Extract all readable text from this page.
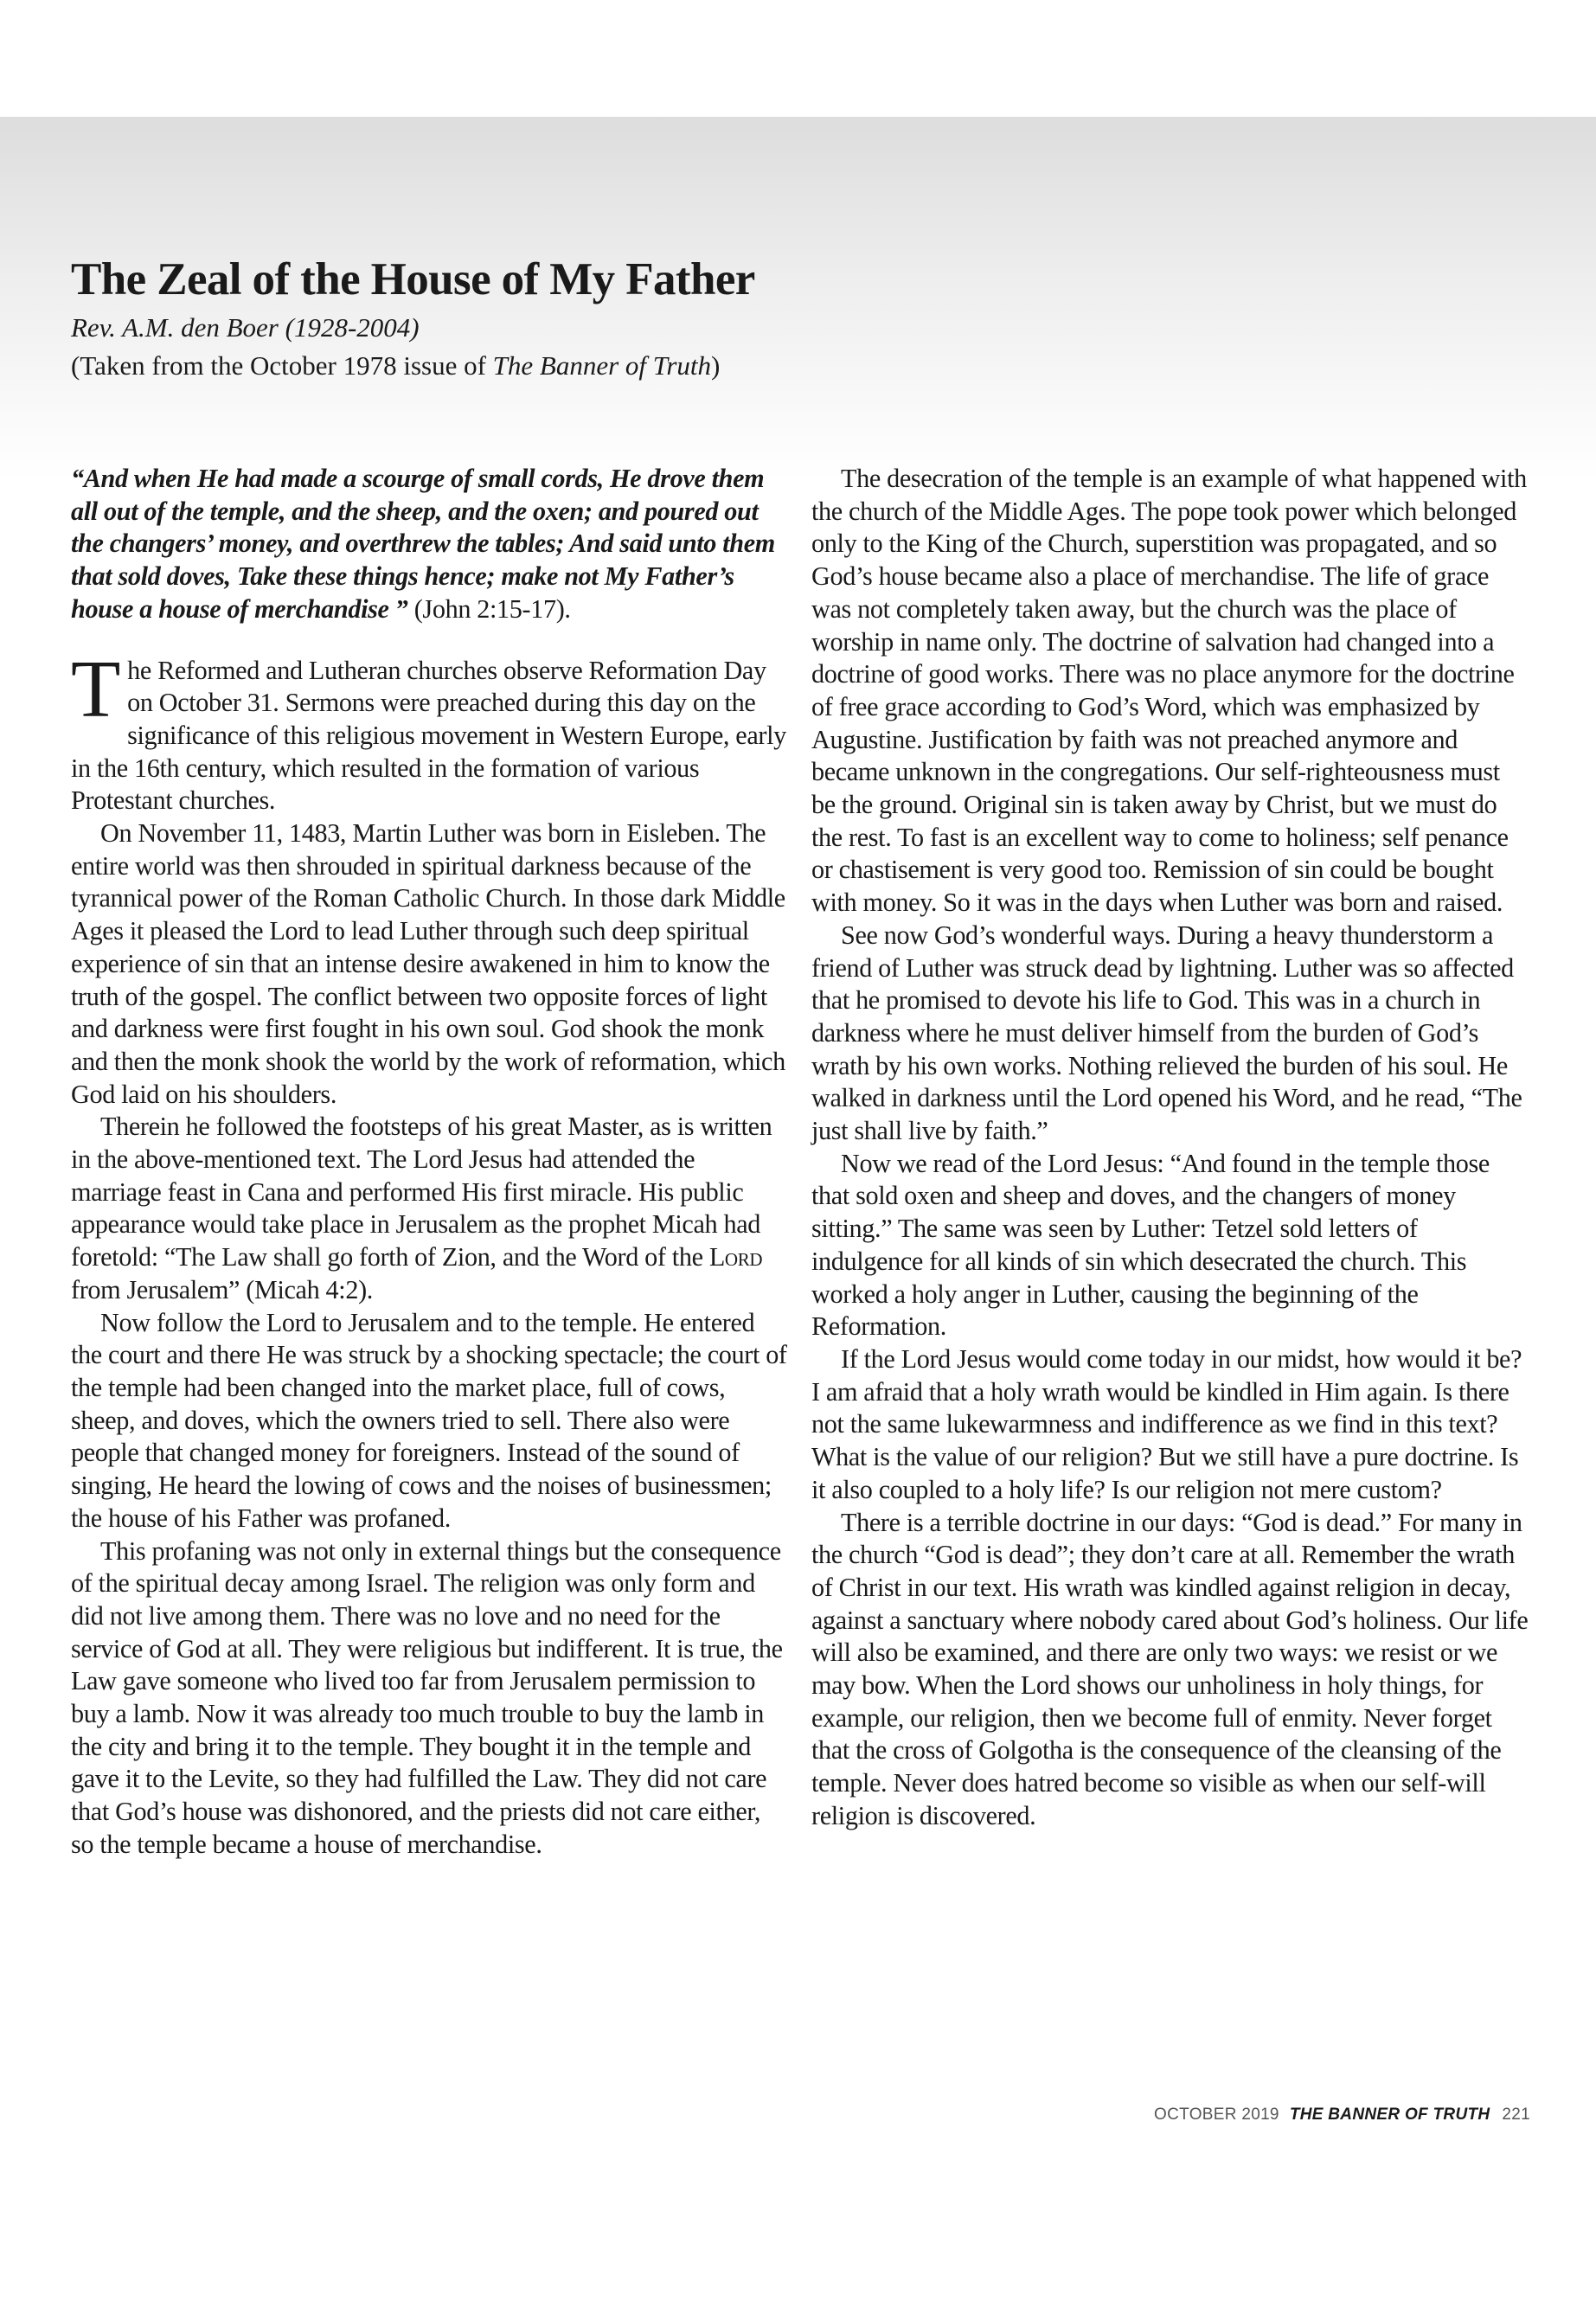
The Zeal of the House of My Father

Rev. A.M. den Boer (1928-2004)

(Taken from the October 1978 issue of The Banner of Truth)

“And when He had made a scourge of small cords, He drove them all out of the temple, and the sheep, and the oxen; and poured out the changers’ money, and overthrew the tables; And said unto them that sold doves, Take these things hence; make not My Father’s house a house of merchandise ” (John 2:15-17).

The Reformed and Lutheran churches observe Reformation Day on October 31. Sermons were preached during this day on the significance of this religious movement in Western Europe, early in the 16th century, which resulted in the formation of various Protestant churches.

On November 11, 1483, Martin Luther was born in Eisleben. The entire world was then shrouded in spiritual darkness because of the tyrannical power of the Roman Catholic Church. In those dark Middle Ages it pleased the Lord to lead Luther through such deep spiritual experience of sin that an intense desire awakened in him to know the truth of the gospel. The conflict between two opposite forces of light and darkness were first fought in his own soul. God shook the monk and then the monk shook the world by the work of reformation, which God laid on his shoulders.

Therein he followed the footsteps of his great Master, as is written in the above-mentioned text. The Lord Jesus had attended the marriage feast in Cana and performed His first miracle. His public appearance would take place in Jerusalem as the prophet Micah had foretold: “The Law shall go forth of Zion, and the Word of the Lord from Jerusalem” (Micah 4:2).

Now follow the Lord to Jerusalem and to the temple. He entered the court and there He was struck by a shocking spectacle; the court of the temple had been changed into the market place, full of cows, sheep, and doves, which the owners tried to sell. There also were people that changed money for foreigners. Instead of the sound of singing, He heard the lowing of cows and the noises of businessmen; the house of his Father was profaned.

This profaning was not only in external things but the consequence of the spiritual decay among Israel. The religion was only form and did not live among them. There was no love and no need for the service of God at all. They were religious but indifferent. It is true, the Law gave someone who lived too far from Jerusalem permission to buy a lamb. Now it was already too much trouble to buy the lamb in the city and bring it to the temple. They bought it in the temple and gave it to the Levite, so they had fulfilled the Law. They did not care that God’s house was dishonored, and the priests did not care either, so the temple became a house of merchandise.

The desecration of the temple is an example of what happened with the church of the Middle Ages. The pope took power which belonged only to the King of the Church, superstition was propagated, and so God’s house became also a place of merchandise. The life of grace was not completely taken away, but the church was the place of worship in name only. The doctrine of salvation had changed into a doctrine of good works. There was no place anymore for the doctrine of free grace according to God’s Word, which was emphasized by Augustine. Justification by faith was not preached anymore and became unknown in the congregations. Our self-righteousness must be the ground. Original sin is taken away by Christ, but we must do the rest. To fast is an excellent way to come to holiness; self penance or chastisement is very good too. Remission of sin could be bought with money. So it was in the days when Luther was born and raised.

See now God’s wonderful ways. During a heavy thunderstorm a friend of Luther was struck dead by lightning. Luther was so affected that he promised to devote his life to God. This was in a church in darkness where he must deliver himself from the burden of God’s wrath by his own works. Nothing relieved the burden of his soul. He walked in darkness until the Lord opened his Word, and he read, “The just shall live by faith.”

Now we read of the Lord Jesus: “And found in the temple those that sold oxen and sheep and doves, and the changers of money sitting.” The same was seen by Luther: Tetzel sold letters of indulgence for all kinds of sin which desecrated the church. This worked a holy anger in Luther, causing the beginning of the Reformation.

If the Lord Jesus would come today in our midst, how would it be? I am afraid that a holy wrath would be kindled in Him again. Is there not the same lukewarmness and indifference as we find in this text? What is the value of our religion? But we still have a pure doctrine. Is it also coupled to a holy life? Is our religion not mere custom?

There is a terrible doctrine in our days: “God is dead.” For many in the church “God is dead”; they don’t care at all. Remember the wrath of Christ in our text. His wrath was kindled against religion in decay, against a sanctuary where nobody cared about God’s holiness. Our life will also be examined, and there are only two ways: we resist or we may bow. When the Lord shows our unholiness in holy things, for example, our religion, then we become full of enmity. Never forget that the cross of Golgotha is the consequence of the cleansing of the temple. Never does hatred become so visible as when our self-will religion is discovered.

OCTOBER 2019 THE BANNER OF TRUTH 221
